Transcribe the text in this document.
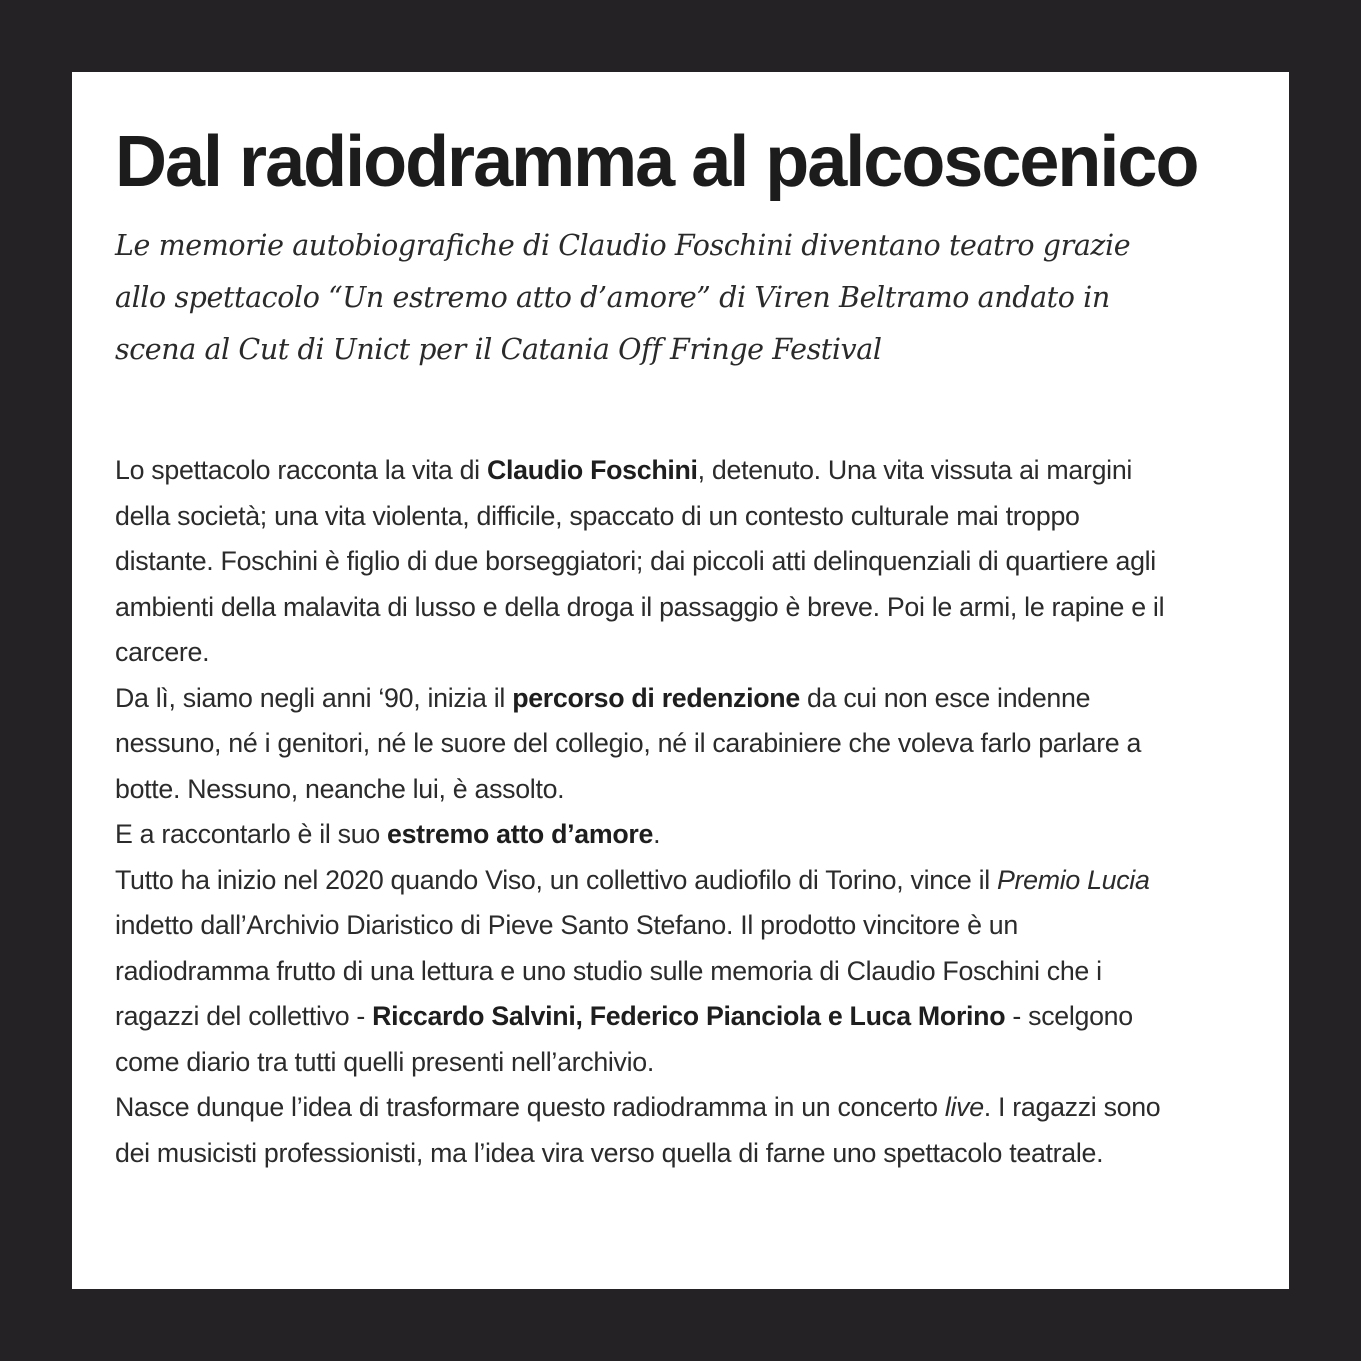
Dal radiodramma al palcoscenico

Le memorie autobiografiche di Claudio Foschini diventano teatro grazie
allo spettacolo “Un estremo atto d’amore” di Viren Beltramo andato in
scena al Cut di Unict per il Catania Off Fringe Festival

Lo spettacolo racconta la vita di Claudio Foschini, detenuto. Una vita vissuta ai margini
della società; una vita violenta, difficile, spaccato di un contesto culturale mai troppo
distante. Foschini è figlio di due borseggiatori; dai piccoli atti delinquenziali di quartiere agli
ambienti della malavita di lusso e della droga il passaggio è breve. Poi le armi, le rapine e il
carcere.
Da lì, siamo negli anni ‘90, inizia il percorso di redenzione da cui non esce indenne
nessuno, né i genitori, né le suore del collegio, né il carabiniere che voleva farlo parlare a
botte. Nessuno, neanche lui, è assolto.
E a raccontarlo è il suo estremo atto d’amore.
Tutto ha inizio nel 2020 quando Viso, un collettivo audiofilo di Torino, vince il Premio Lucia
indetto dall’Archivio Diaristico di Pieve Santo Stefano. Il prodotto vincitore è un
radiodramma frutto di una lettura e uno studio sulle memoria di Claudio Foschini che i
ragazzi del collettivo - Riccardo Salvini, Federico Pianciola e Luca Morino - scelgono
come diario tra tutti quelli presenti nell’archivio.
Nasce dunque l’idea di trasformare questo radiodramma in un concerto live. I ragazzi sono
dei musicisti professionisti, ma l’idea vira verso quella di farne uno spettacolo teatrale.
